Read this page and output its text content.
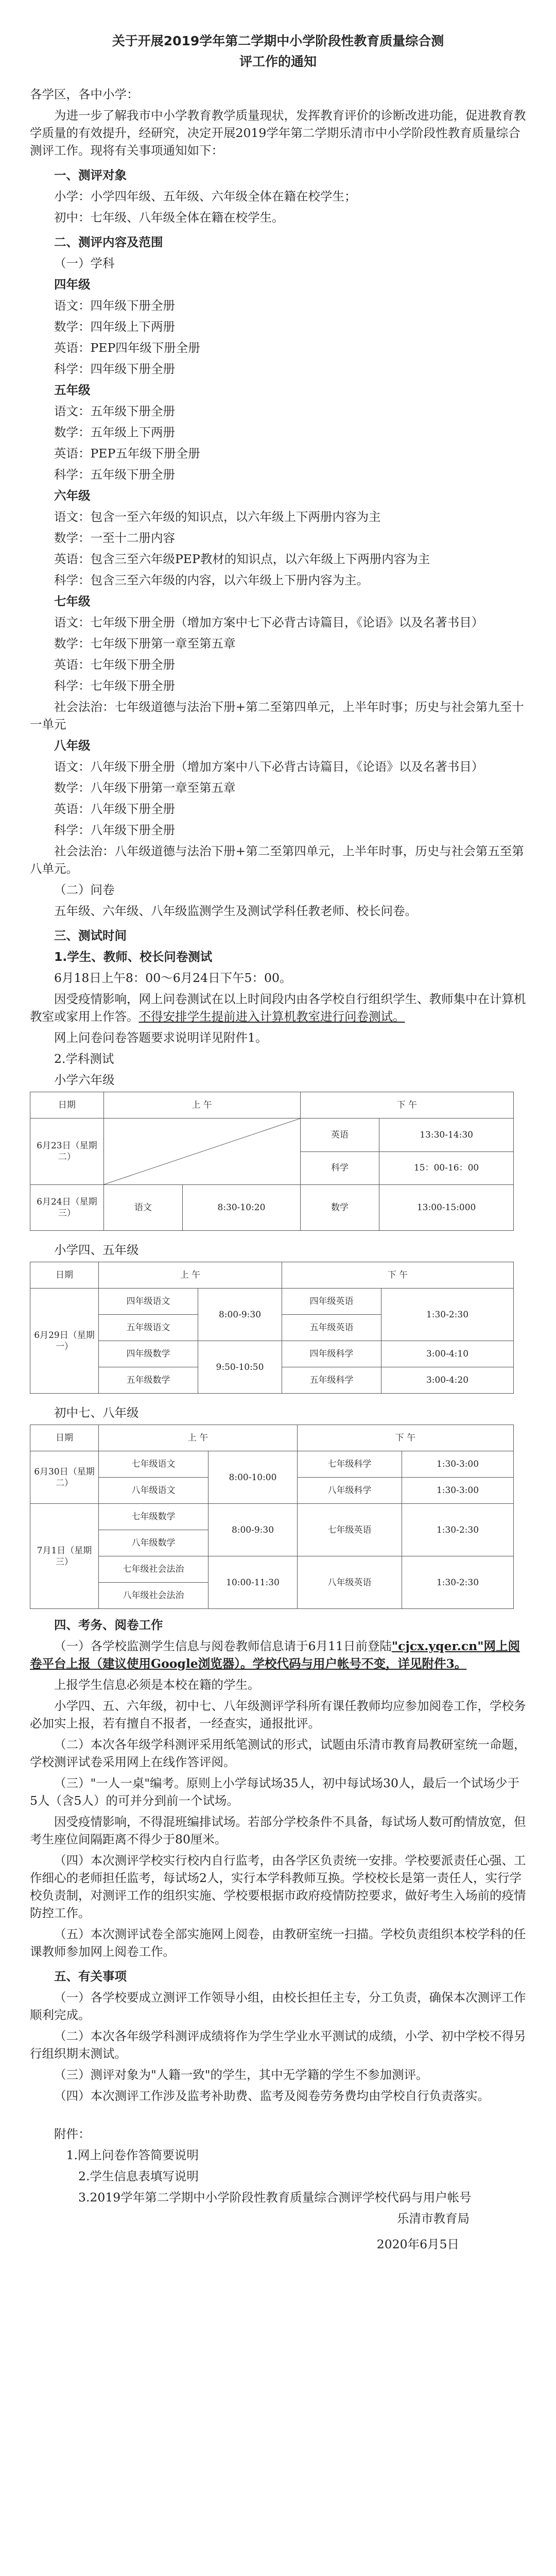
关于开展2019学年第二学期中小学阶段性教育质量综合测
评工作的通知

各学区，各中小学：

为进一步了解我市中小学教育教学质量现状，发挥教育评价的诊断改进功能，促进教育教学质量的有效提升，经研究，决定开展2019学年第二学期乐清市中小学阶段性教育质量综合测评工作。现将有关事项通知如下：

一、测评对象

小学：小学四年级、五年级、六年级全体在籍在校学生；

初中：七年级、八年级全体在籍在校学生。

二、测评内容及范围

（一）学科

四年级

语文：四年级下册全册

数学：四年级上下两册

英语：PEP四年级下册全册

科学：四年级下册全册

五年级

语文：五年级下册全册

数学：五年级上下两册

英语：PEP五年级下册全册

科学：五年级下册全册

六年级

语文：包含一至六年级的知识点，以六年级上下两册内容为主

数学：一至十二册内容

英语：包含三至六年级PEP教材的知识点，以六年级上下两册内容为主

科学：包含三至六年级的内容，以六年级上下册内容为主。

七年级

语文：七年级下册全册（增加方案中七下必背古诗篇目，《论语》以及名著书目）

数学：七年级下册第一章至第五章

英语：七年级下册全册

科学：七年级下册全册

社会法治：七年级道德与法治下册+第二至第四单元，上半年时事；历史与社会第九至十一单元

八年级

语文：八年级下册全册（增加方案中八下必背古诗篇目，《论语》以及名著书目）

数学：八年级下册第一章至第五章

英语：八年级下册全册

科学：八年级下册全册

社会法治：八年级道德与法治下册+第二至第四单元，上半年时事，历史与社会第五至第八单元。

（二）问卷

五年级、六年级、八年级监测学生及测试学科任教老师、校长问卷。

三、测试时间

1.学生、教师、校长问卷测试

6月18日上午8：00～6月24日下午5：00。

因受疫情影响，网上问卷测试在以上时间段内由各学校自行组织学生、教师集中在计算机教室或家用上作答。不得安排学生提前进入计算机教室进行问卷测试。

网上问卷问卷答题要求说明详见附件1。

2.学科测试

小学六年级
日期	上 午		下 午	
6月23日（星期二）			英语	13:30-14:30
			科学	15：00-16：00
6月24日（星期三）	语文	8:30-10:20	数学	13:00-15:000
小学四、五年级
日期	上 午		下 午	
6月29日（星期一）	四年级语文	8:00-9:30	四年级英语	1:30-2:30
	五年级语文		五年级英语	
	四年级数学	9:50-10:50	四年级科学	3:00-4:10
	五年级数学		五年级科学	3:00-4:20
初中七、八年级
日期	上 午		下 午	
6月30日（星期二）	七年级语文	8:00-10:00	七年级科学	1:30-3:00
	八年级语文		八年级科学	1:30-3:00
7月1日（星期三）	七年级数学	8:00-9:30	七年级英语	1:30-2:30
	八年级数学			
	七年级社会法治	10:00-11:30	八年级英语	1:30-2:30
	八年级社会法治			

四、考务、阅卷工作

（一）各学校监测学生信息与阅卷教师信息请于6月11日前登陆"cjcx.yqer.cn"网上阅卷平台上报（建议使用Google浏览器）。学校代码与用户帐号不变，详见附件3。

上报学生信息必须是本校在籍的学生。

小学四、五、六年级，初中七、八年级测评学科所有课任教师均应参加阅卷工作，学校务必加实上报，若有擅自不报者，一经查实，通报批评。

（二）本次各年级学科测评采用纸笔测试的形式，试题由乐清市教育局教研室统一命题，学校测评试卷采用网上在线作答评阅。

（三）"一人一桌"编考。原则上小学每试场35人，初中每试场30人，最后一个试场少于5人（含5人）的可并分到前一个试场。

因受疫情影响，不得混班编排试场。若部分学校条件不具备，每试场人数可酌情放宽，但考生座位间隔距离不得少于80厘米。

（四）本次测评学校实行校内自行监考，由各学区负责统一安排。学校要派责任心强、工作细心的老师担任监考，每试场2人，实行本学科教师互换。学校校长是第一责任人，实行学校负责制，对测评工作的组织实施、学校要根据市政府疫情防控要求，做好考生入场前的疫情防控工作。

（五）本次测评试卷全部实施网上阅卷，由教研室统一扫描。学校负责组织本校学科的任课教师参加网上阅卷工作。

五、有关事项

（一）各学校要成立测评工作领导小组，由校长担任主专，分工负责，确保本次测评工作顺利完成。

（二）本次各年级学科测评成绩将作为学生学业水平测试的成绩，小学、初中学校不得另行组织期末测试。

（三）测评对象为"人籍一致"的学生，其中无学籍的学生不参加测评。

（四）本次测评工作涉及监考补助费、监考及阅卷劳务费均由学校自行负责落实。

附件：

1.网上问卷作答简要说明

2.学生信息表填写说明

3.2019学年第二学期中小学阶段性教育质量综合测评学校代码与用户帐号

乐清市教育局

2020年6月5日
